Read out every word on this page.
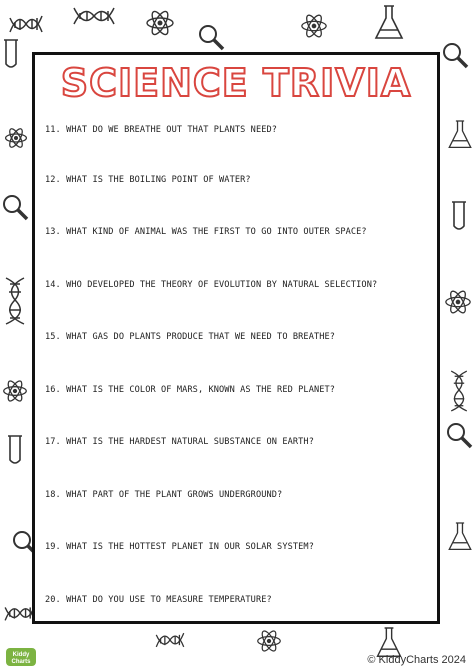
SCIENCE TRIVIA
11. WHAT DO WE BREATHE OUT THAT PLANTS NEED?
12. WHAT IS THE BOILING POINT OF WATER?
13. WHAT KIND OF ANIMAL WAS THE FIRST TO GO INTO OUTER SPACE?
14. WHO DEVELOPED THE THEORY OF EVOLUTION BY NATURAL SELECTION?
15. WHAT GAS DO PLANTS PRODUCE THAT WE NEED TO BREATHE?
16. WHAT IS THE COLOR OF MARS, KNOWN AS THE RED PLANET?
17. WHAT IS THE HARDEST NATURAL SUBSTANCE ON EARTH?
18. WHAT PART OF THE PLANT GROWS UNDERGROUND?
19. WHAT IS THE HOTTEST PLANET IN OUR SOLAR SYSTEM?
20. WHAT DO YOU USE TO MEASURE TEMPERATURE?
Kiddy
Charts	© KiddyCharts 2024
